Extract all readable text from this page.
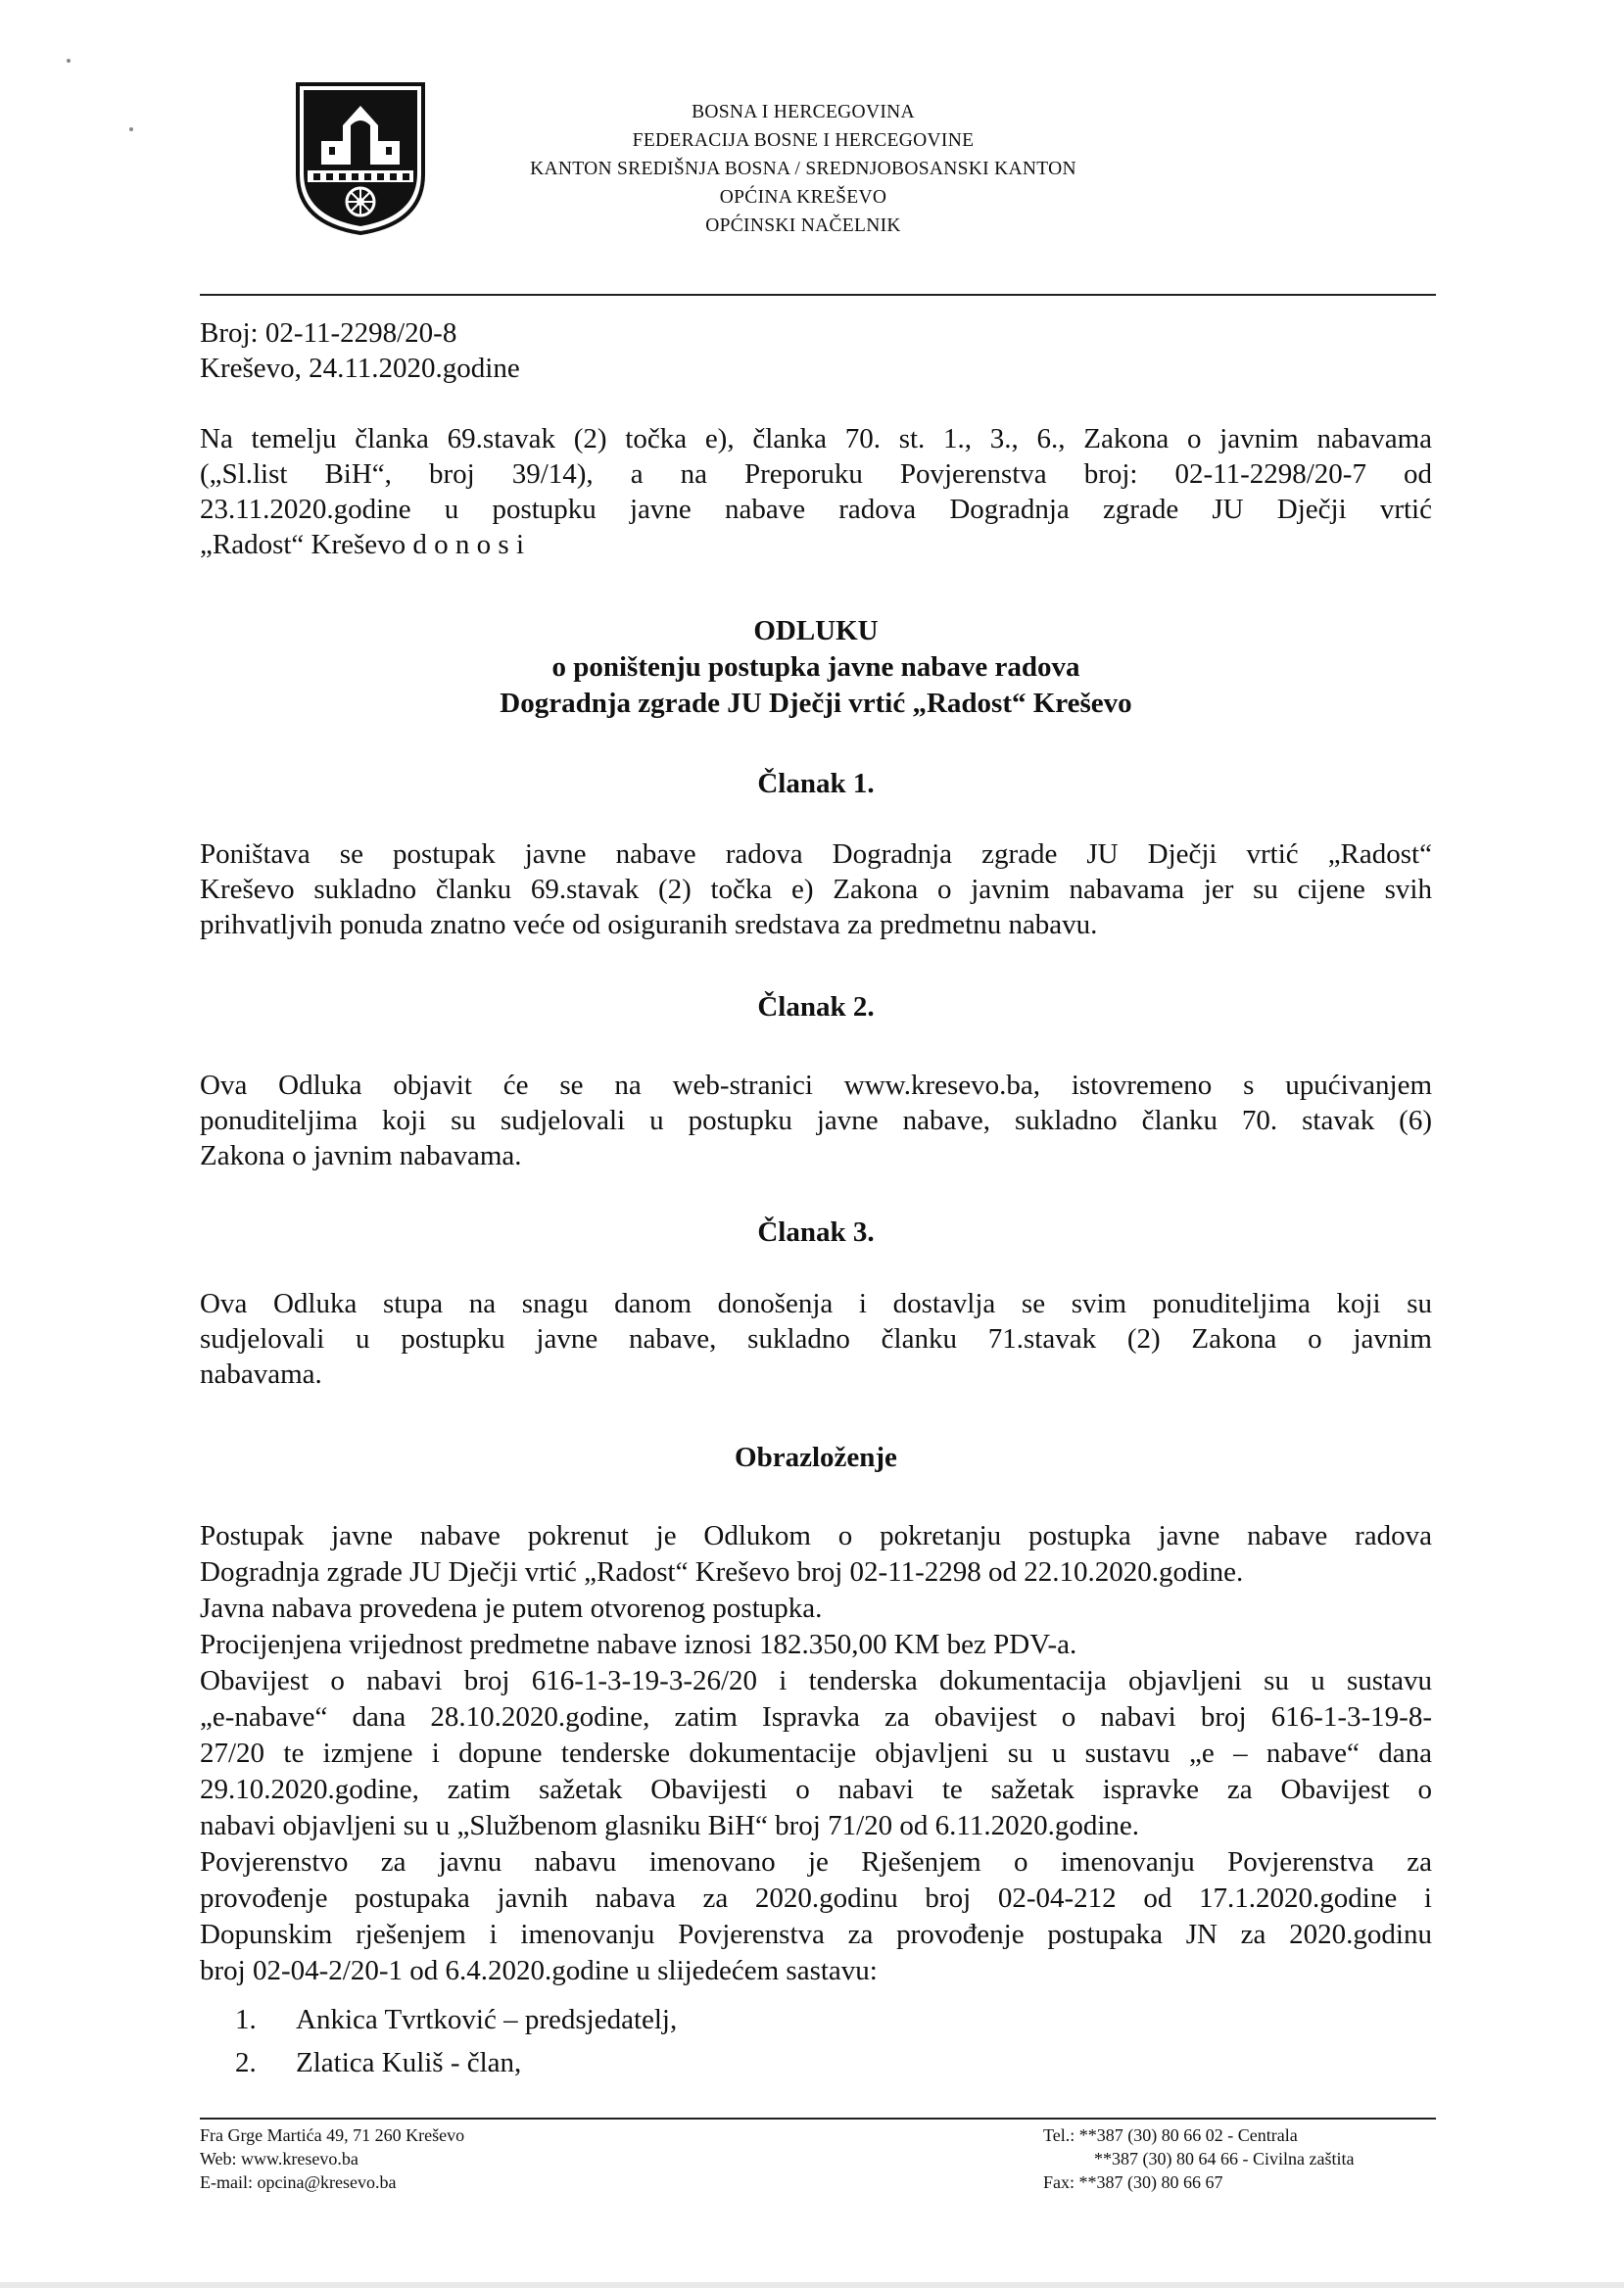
BOSNA I HERCEGOVINA
FEDERACIJA BOSNE I HERCEGOVINE
KANTON SREDIŠNJA BOSNA / SREDNJOBOSANSKI KANTON
OPĆINA KREŠEVO
OPĆINSKI NAČELNIK
Broj: 02-11-2298/20-8
Kreševo, 24.11.2020.godine
Na temelju članka 69.stavak (2) točka e), članka 70. st. 1., 3., 6., Zakona o javnim nabavama
(„Sl.list BiH“, broj 39/14), a na Preporuku Povjerenstva broj: 02-11-2298/20-7 od
23.11.2020.godine u postupku javne nabave radova Dogradnja zgrade JU Dječji vrtić
„Radost“ Kreševo d o n o s i
ODLUKU
o poništenju postupka javne nabave radova
Dogradnja zgrade JU Dječji vrtić „Radost“ Kreševo
Članak 1.
Poništava se postupak javne nabave radova Dogradnja zgrade JU Dječji vrtić „Radost“
Kreševo sukladno članku 69.stavak (2) točka e) Zakona o javnim nabavama jer su cijene svih
prihvatljvih ponuda znatno veće od osiguranih sredstava za predmetnu nabavu.
Članak 2.
Ova Odluka objavit će se na web-stranici www.kresevo.ba, istovremeno s upućivanjem
ponuditeljima koji su sudjelovali u postupku javne nabave, sukladno članku 70. stavak (6)
Zakona o javnim nabavama.
Članak 3.
Ova Odluka stupa na snagu danom donošenja i dostavlja se svim ponuditeljima koji su
sudjelovali u postupku javne nabave, sukladno članku 71.stavak (2) Zakona o javnim
nabavama.
Obrazloženje
Postupak javne nabave pokrenut je Odlukom o pokretanju postupka javne nabave radova
Dogradnja zgrade JU Dječji vrtić „Radost“ Kreševo broj 02-11-2298 od 22.10.2020.godine.
Javna nabava provedena je putem otvorenog postupka.
Procijenjena vrijednost predmetne nabave iznosi 182.350,00 KM bez PDV-a.
Obavijest o nabavi broj 616-1-3-19-3-26/20 i tenderska dokumentacija objavljeni su u sustavu
„e-nabave“ dana 28.10.2020.godine, zatim Ispravka za obavijest o nabavi broj 616-1-3-19-8-
27/20 te izmjene i dopune tenderske dokumentacije objavljeni su u sustavu „e – nabave“ dana
29.10.2020.godine, zatim sažetak Obavijesti o nabavi te sažetak ispravke za Obavijest o
nabavi objavljeni su u „Službenom glasniku BiH“ broj 71/20 od 6.11.2020.godine.
Povjerenstvo za javnu nabavu imenovano je Rješenjem o imenovanju Povjerenstva za
provođenje postupaka javnih nabava za 2020.godinu broj 02-04-212 od 17.1.2020.godine i
Dopunskim rješenjem i imenovanju Povjerenstva za provođenje postupaka JN za 2020.godinu
broj 02-04-2/20-1 od 6.4.2020.godine u slijedećem sastavu:
1. Ankica Tvrtković – predsjedatelj,
2. Zlatica Kuliš - član,
Fra Grge Martića 49, 71 260 Kreševo
Web: www.kresevo.ba
E-mail: opcina@kresevo.ba
Tel.: **387 (30) 80 66 02 - Centrala
**387 (30) 80 64 66 - Civilna zaštita
Fax: **387 (30) 80 66 67
